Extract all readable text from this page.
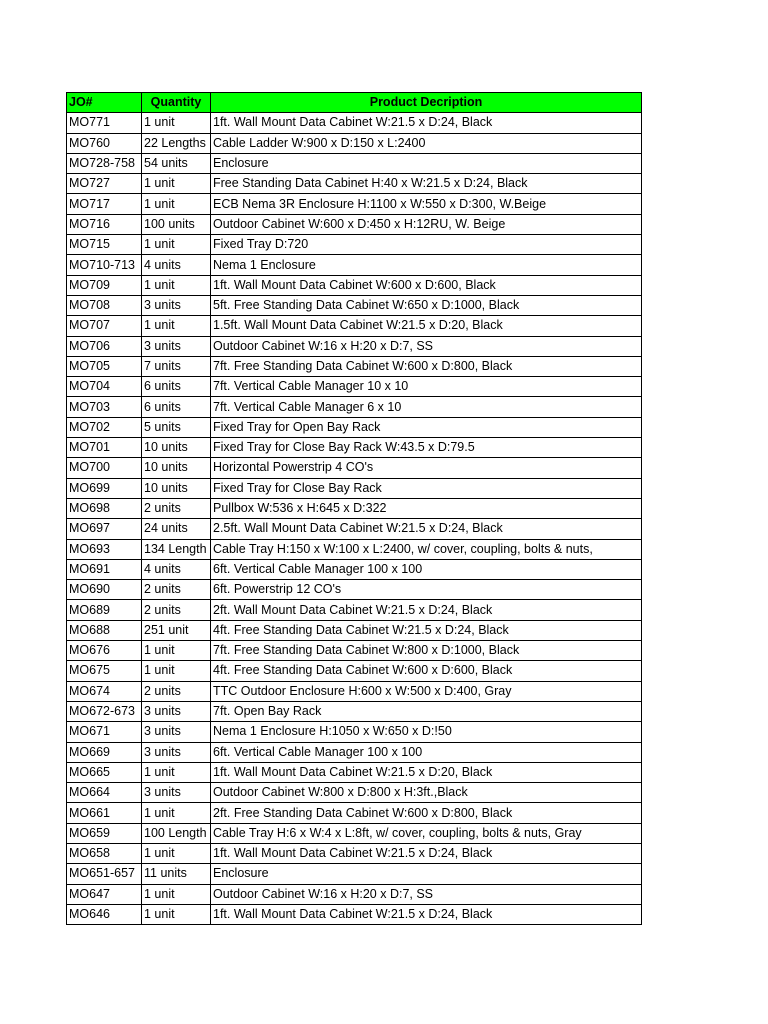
JO#	Quantity	Product Decription
MO771	1 unit	1ft. Wall Mount Data Cabinet W:21.5 x D:24, Black
MO760	22 Lengths	Cable Ladder W:900 x D:150 x L:2400
MO728-758	54 units	Enclosure
MO727	1 unit	Free Standing Data Cabinet H:40 x W:21.5 x D:24, Black
MO717	1 unit	ECB Nema 3R Enclosure H:1100 x W:550 x D:300, W.Beige
MO716	100 units	Outdoor Cabinet W:600 x D:450 x H:12RU, W. Beige
MO715	1 unit	Fixed Tray D:720
MO710-713	4 units	Nema 1 Enclosure
MO709	1 unit	1ft. Wall Mount Data Cabinet W:600 x D:600, Black
MO708	3 units	5ft. Free Standing Data Cabinet W:650 x D:1000, Black
MO707	1 unit	1.5ft. Wall Mount Data Cabinet W:21.5 x D:20, Black
MO706	3 units	Outdoor Cabinet W:16 x H:20 x D:7, SS
MO705	7 units	7ft. Free Standing Data Cabinet W:600 x D:800, Black
MO704	6 units	7ft. Vertical Cable Manager 10 x 10
MO703	6 units	7ft. Vertical Cable Manager 6 x 10
MO702	5 units	Fixed Tray for Open Bay Rack
MO701	10 units	Fixed Tray for Close Bay Rack W:43.5 x D:79.5
MO700	10 units	Horizontal Powerstrip 4 CO's
MO699	10 units	Fixed Tray for Close Bay Rack
MO698	2 units	Pullbox W:536 x H:645 x D:322
MO697	24 units	2.5ft. Wall Mount Data Cabinet W:21.5 x D:24, Black
MO693	134 Length	Cable Tray H:150 x W:100 x L:2400, w/ cover, coupling, bolts & nuts,
MO691	4 units	6ft. Vertical Cable Manager 100 x 100
MO690	2 units	6ft. Powerstrip 12 CO's
MO689	2 units	2ft. Wall Mount Data Cabinet W:21.5 x D:24, Black
MO688	251 unit	4ft. Free Standing Data Cabinet W:21.5 x D:24, Black
MO676	1 unit	7ft. Free Standing Data Cabinet W:800 x D:1000, Black
MO675	1 unit	4ft. Free Standing Data Cabinet W:600 x D:600, Black
MO674	2 units	TTC Outdoor Enclosure H:600 x W:500 x D:400, Gray
MO672-673	3 units	7ft. Open Bay Rack
MO671	3 units	Nema 1 Enclosure H:1050 x W:650 x D:!50
MO669	3 units	6ft. Vertical Cable Manager 100 x 100
MO665	1 unit	1ft. Wall Mount Data Cabinet W:21.5 x D:20, Black
MO664	3 units	Outdoor Cabinet W:800 x D:800 x H:3ft.,Black
MO661	1 unit	2ft. Free Standing Data Cabinet W:600 x D:800, Black
MO659	100 Length	Cable Tray H:6 x W:4 x L:8ft, w/ cover, coupling, bolts & nuts, Gray
MO658	1 unit	1ft. Wall Mount Data Cabinet W:21.5 x D:24, Black
MO651-657	11 units	Enclosure
MO647	1 unit	Outdoor Cabinet W:16 x H:20 x D:7, SS
MO646	1 unit	1ft. Wall Mount Data Cabinet W:21.5 x D:24, Black
